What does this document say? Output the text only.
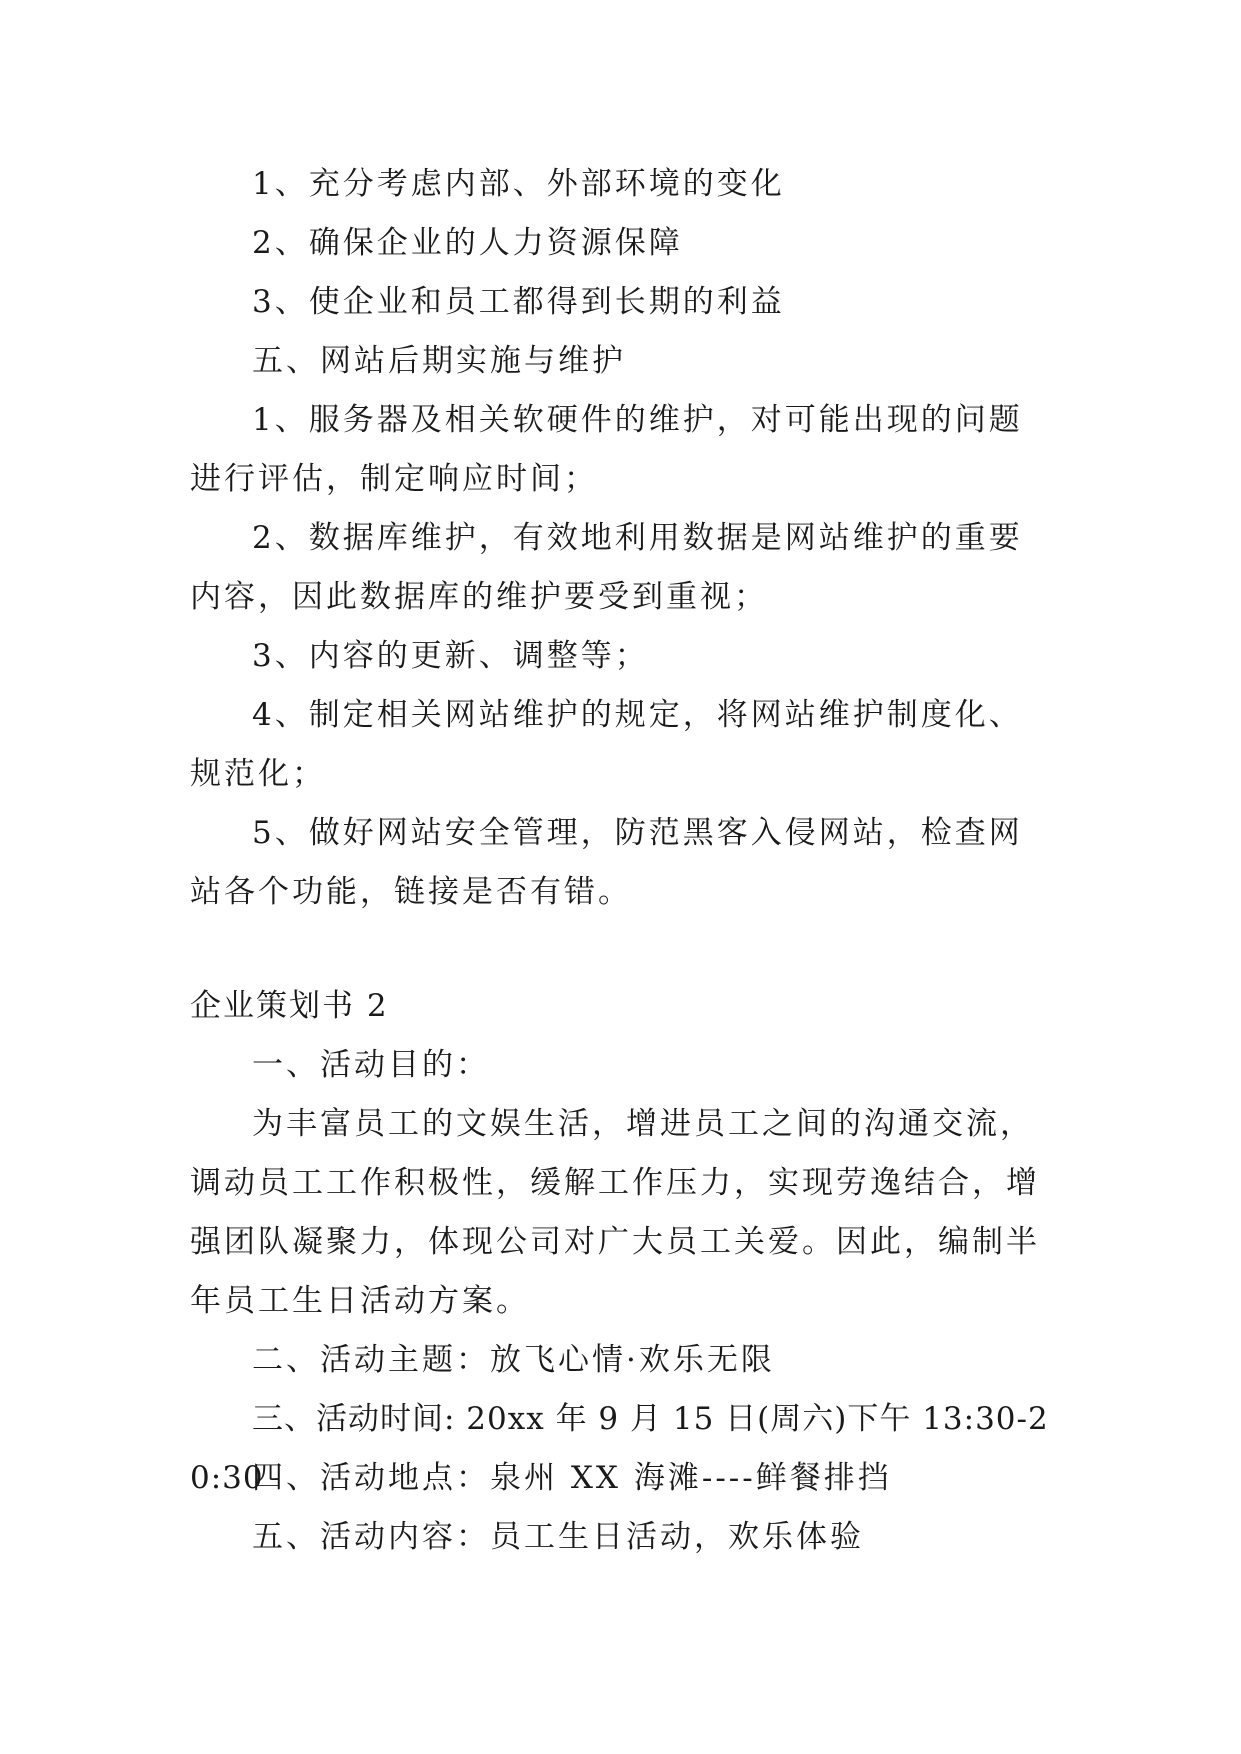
1、充分考虑内部、外部环境的变化

2、确保企业的人力资源保障

3、使企业和员工都得到长期的利益

五、网站后期实施与维护

1、服务器及相关软硬件的维护，对可能出现的问题进行评估，制定响应时间；

2、数据库维护，有效地利用数据是网站维护的重要内容，因此数据库的维护要受到重视；

3、内容的更新、调整等；

4、制定相关网站维护的规定，将网站维护制度化、规范化；

5、做好网站安全管理，防范黑客入侵网站，检查网站各个功能，链接是否有错。

企业策划书 2

一、活动目的：

为丰富员工的文娱生活，增进员工之间的沟通交流，调动员工工作积极性，缓解工作压力，实现劳逸结合，增强团队凝聚力，体现公司对广大员工关爱。因此，编制半年员工生日活动方案。

二、活动主题：放飞心情·欢乐无限

三、活动时间: 20xx 年 9 月 15 日(周六)下午 13:30-20:30

四、活动地点：泉州 XX 海滩----鲜餐排挡

五、活动内容：员工生日活动，欢乐体验
